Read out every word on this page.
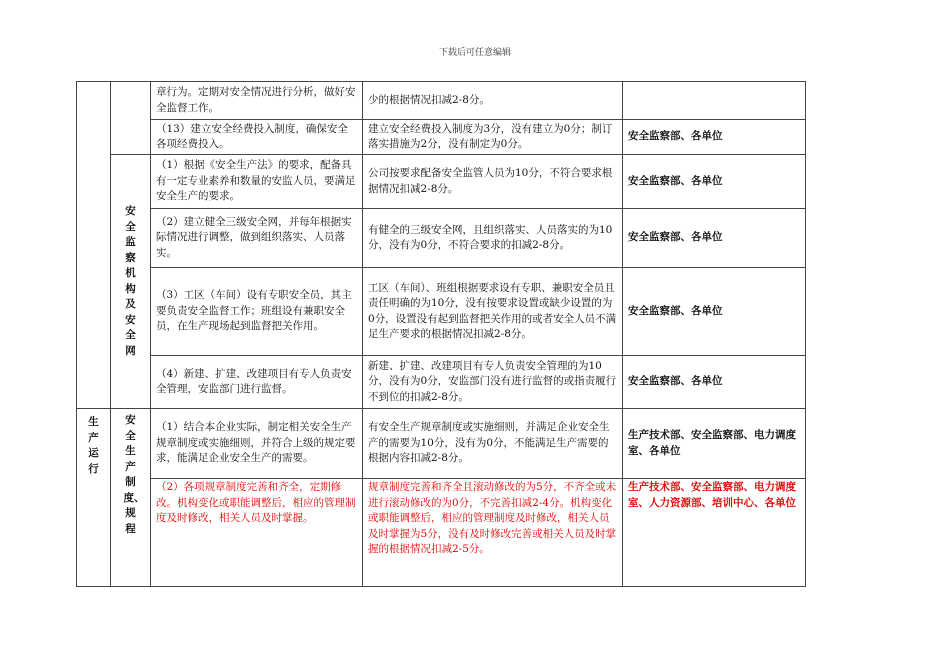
下载后可任意编辑
		章行为。定期对安全情况进行分析，做好安全监督工作。	少的根据情况扣减2-8分。	
		（13）建立安全经费投入制度，确保安全各项经费投入。	建立安全经费投入制度为3分，没有建立为0分；制订落实措施为2分，没有制定为0分。	安全监察部、各单位
	安全监察机构及安全网	（1）根据《安全生产法》的要求，配备具有一定专业素养和数量的安监人员，要满足安全生产的要求。	公司按要求配备安全监管人员为10分，不符合要求根据情况扣减2-8分。	安全监察部、各单位
		（2）建立健全三级安全网，并每年根据实际情况进行调整，做到组织落实、人员落实。	有健全的三级安全网，且组织落实、人员落实的为10分，没有为0分，不符合要求的扣减2-8分。	安全监察部、各单位
		（3）工区（车间）设有专职安全员，其主要负责安全监督工作；班组设有兼职安全员，在生产现场起到监督把关作用。	工区（车间）、班组根据要求设有专职、兼职安全员且责任明确的为10分，没有按要求设置或缺少设置的为0分，设置没有起到监督把关作用的或者安全人员不满足生产要求的根据情况扣减2-8分。	安全监察部、各单位
		（4）新建、扩建、改建项目有专人负责安全管理，安监部门进行监督。	新建、扩建、改建项目有专人负责安全管理的为10分，没有为0分，安监部门没有进行监督的或指责履行不到位的扣减2-8分。	安全监察部、各单位
生产运行	安全生产制度、规程	（1）结合本企业实际，制定相关安全生产规章制度或实施细则，并符合上级的规定要求，能满足企业安全生产的需要。	有安全生产规章制度或实施细则，并满足企业安全生产的需要为10分，没有为0分，不能满足生产需要的根据内容扣减2-8分。	生产技术部、安全监察部、电力调度室、各单位
		（2）各项规章制度完善和齐全，定期修改。机构变化或职能调整后，相应的管理制度及时修改，相关人员及时掌握。	规章制度完善和齐全且滚动修改的为5分，不齐全或未进行滚动修改的为0分，不完善扣减2-4分。机构变化或职能调整后，相应的管理制度及时修改，相关人员及时掌握为5分，没有及时修改完善或相关人员及时掌握的根据情况扣减2-5分。	生产技术部、安全监察部、电力调度室、人力资源部、培训中心、各单位
